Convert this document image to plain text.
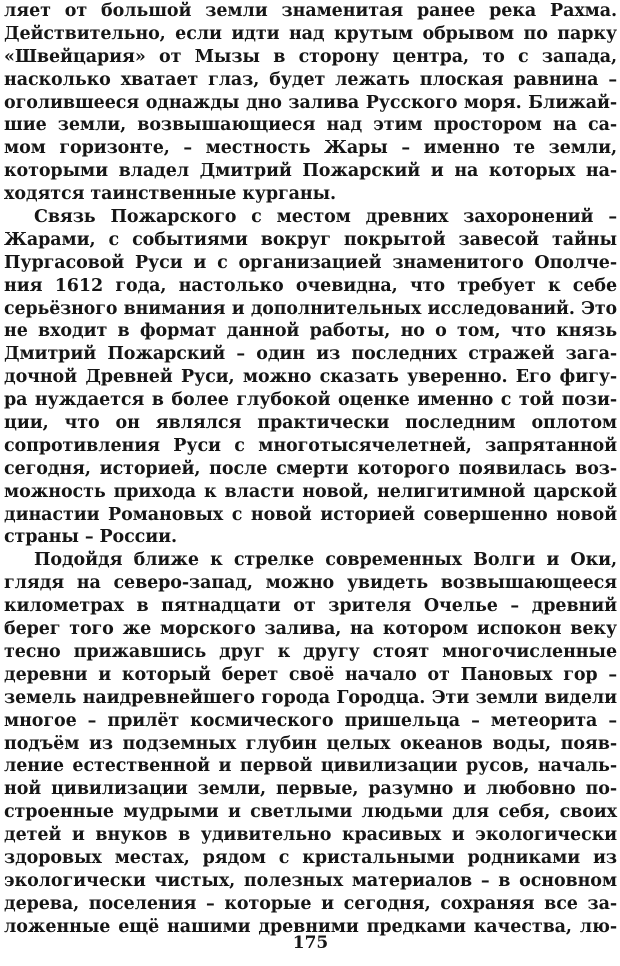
ляет от большой земли знаменитая ранее река Рахма.
Действительно, если идти над крутым обрывом по парку
«Швейцария» от Мызы в сторону центра, то с запада,
насколько хватает глаз, будет лежать плоская равнина –
оголившееся однажды дно залива Русского моря. Ближай-
шие земли, возвышающиеся над этим простором на са-
мом горизонте, – местность Жары – именно те земли,
которыми владел Дмитрий Пожарский и на которых на-
ходятся таинственные курганы.
Связь Пожарского с местом древних захоронений –
Жарами, с событиями вокруг покрытой завесой тайны
Пургасовой Руси и с организацией знаменитого Ополче-
ния 1612 года, настолько очевидна, что требует к себе
серьёзного внимания и дополнительных исследований. Это
не входит в формат данной работы, но о том, что князь
Дмитрий Пожарский – один из последних стражей зага-
дочной Древней Руси, можно сказать уверенно. Его фигу-
ра нуждается в более глубокой оценке именно с той пози-
ции, что он являлся практически последним оплотом
сопротивления Руси с многотысячелетней, запрятанной
сегодня, историей, после смерти которого появилась воз-
можность прихода к власти новой, нелигитимной царской
династии Романовых с новой историей совершенно новой
страны – России.
Подойдя ближе к стрелке современных Волги и Оки,
глядя на северо-запад, можно увидеть возвышающееся
километрах в пятнадцати от зрителя Очелье – древний
берег того же морского залива, на котором испокон веку
тесно прижавшись друг к другу стоят многочисленные
деревни и который берет своё начало от Пановых гор –
земель наидревнейшего города Городца. Эти земли видели
многое – прилёт космического пришельца – метеорита –
подъём из подземных глубин целых океанов воды, появ-
ление естественной и первой цивилизации русов, началь-
ной цивилизации земли, первые, разумно и любовно по-
строенные мудрыми и светлыми людьми для себя, своих
детей и внуков в удивительно красивых и экологически
здоровых местах, рядом с кристальными родниками из
экологически чистых, полезных материалов – в основном
дерева, поселения – которые и сегодня, сохраняя все за-
ложенные ещё нашими древними предками качества, лю-
175
